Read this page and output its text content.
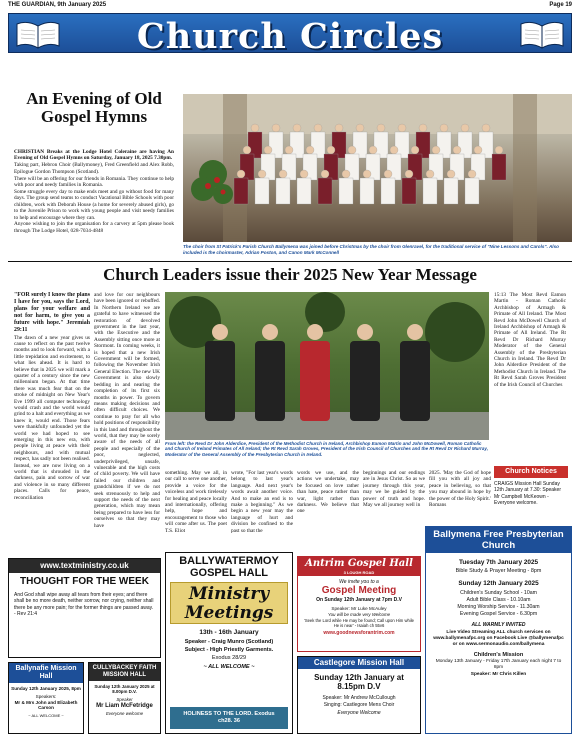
THE GUARDIAN, 9th January 2025	Page 19
Church Circles
An Evening of Old Gospel Hymns

CHRISTIAN Breaks at the Lodge Hotel Coleraine are having An Evening of Old Gospel Hymns on Saturday, January 18, 2025 7.30pm.

Taking part, Hebron Choir (Ballymoney), Fred Greenfield and Alex Robb, Epilogue Gordon Thompson (Scotland).

There will be an offering for our friends in Romania. They continue to help with poor and needy families in Romania.

Some struggle every day to make ends meet and go without food for many days. The group send teams to conduct Vacational Bible Schools with poor children, work with Deborah House (a home for severely abused girls), go to the Juvenile Prison to work with young people and visit needy families to help and encourage where they can.

Anyone wishing to join the organisation for a carvery at 5pm please book through The Lodge Hotel, 028-7034-4848

The choir from St Patrick's Parish Church Ballymena was joined before Christmas by the choir from Glenravel, for the traditional service of "Nine Lessons and Carols". Also included is the choirmaster, Adrian Poston, and Canon Mark McConnell
Church Leaders issue their 2025 New Year Message

"FOR surely I know the plans I have for you, says the Lord, plans for your welfare and not for harm, to give you a future with hope." Jeremiah 29:11

The dawn of a new year gives us cause to reflect on the past twelve months and to look forward, with a little trepidation and excitement, to what lies ahead. It is hard to believe that in 2025 we will mark a quarter of a century since the new millennium began. At that time there was much fear that on the stroke of midnight on New Year's Eve 1999 all computer technology would crash and the world would grind to a halt and everything as we knew it, would end. Those fears were thankfully unfounded yet the world we had hoped to see emerging in this new era, with people living at peace with their neighbours, and with mutual respect, has sadly not been realised. Instead, we are now living on a world that is shrouded in the darkness, pain and sorrow of war and violence in so many different places. Calls for peace, reconciliation

and love for our neighbours have been ignored or rebuffed. In Northern Ireland we are grateful to have witnessed the restoration of devolved government in the last year, with the Executive and the Assembly sitting once more at Stormont. In coming weeks, it is hoped that a new Irish Government will be formed, following the November Irish General Election. The new UK Government is also slowly bedding in and nearing the completion of its first six months in power. To govern means making decisions and often difficult choices. We continue to pray for all who hold positions of responsibility in this land and throughout the world, that they may be sorely aware of the needs of all people and especially of the poor, neglected, underprivileged, unsafe, vulnerable and the high costs of child poverty. We will have failed our children and grandchildren if we do not seek strenuously to help and support the needs of the next generation, which may mean being prepared to have less for ourselves so that they may have

From left: the Revd Dr John Alderdice, President of the Methodist Church in Ireland, Archbishop Eamon Martin and John McDowell, Roman Catholic and Church of Ireland Primates of All Ireland; the Rt Revd Sarah Groves, President of the Irish Council of Churches and the Rt Revd Dr Richard Murray, Moderator of the General Assembly of the Presbyterian Church in Ireland.

something. May we all, in our call to serve one another, provide a voice for the voiceless and work tirelessly for healing and peace locally and internationally, offering help, hope and encouragement to those who will come after us. The poet T.S. Eliot

wrote, "For last year's words belong to last year's language. And next year's words await another voice. And to make an end is to make a beginning." As we begin a new year may the language of hurt and division be confined to the past so that the

words we use, and the actions we undertake, may be focused on love rather than hate, peace rather than war, light rather than darkness. We believe that one

beginnings and our endings are in Jesus Christ. So as we journey through this year, may we be guided by the power of truth and hope. May we all journey well in

2025. 'May the God of hope fill you with all joy and peace in believing, so that you may abound in hope by the power of the Holy Spirit.' Romans

15:13 The Most Revd Eamon Martin - Roman Catholic Archbishop of Armagh & Primate of All Ireland. The Most Revd John McDowell Church of Ireland Archbishop of Armagh & Primate of All Ireland. The Rt Revd Dr Richard Murray Moderator of the General Assembly of the Presbyterian Church in Ireland. The Revd Dr John Alderdice President of the Methodist Church in Ireland. The Rt Revd Sarah Groves President of the Irish Council of Churches

Church Notices
CRAIGS Mission Hall Sunday 12th January at 7.30: Speaker Mr Campbell McKeown - Everyone welcome.
BALLYWATERMOY GOSPEL HALL
Ministry Meetings
13th - 16th January
Speaker - Craig Munro (Scotland)
Subject - High Priestly Garments.
Exodus 28/29
~ ALL WELCOME ~
HOLINESS TO THE LORD. Exodus ch28. 36
Antrim Gospel Hall
3 LOUGH ROAD
We invite you to a
Gospel Meeting
On Sunday 12th January at 7pm D.V
Speaker: Mr Luke McAuley
You will be made very Welcome
'Seek the Lord while He may be found; Call upon Him while He is near' - Isaiah ch 55v6
www.goodnewsforantrim.com
Castlegore Mission Hall
Sunday 12th January at 8.15pm D.V
Speaker: Mr Andrew McCullough
Singing: Castlegore Mens Choir
Everyone Welcome
Ballymena Free Presbyterian Church
Tuesday 7th January 2025
Bible Study & Prayer Meeting - 8pm
Sunday 12th January 2025
Children's Sunday School - 10am
Adult Bible Class - 10.10am
Morning Worship Service - 11.30am
Evening Gospel Service - 6.30pm
ALL WARMLY INVITED
Live Video Streaming ALL church services on www.ballymenafpc.org on Facebook Live @ballymenafpc or on www.sermonaudio.com/ballymena
Children's Mission
Monday 13th January - Friday 17th January each night 7 to 8pm
Speaker: Mr Chris Killen
www.textministry.co.uk
THOUGHT FOR THE WEEK
And God shall wipe away all tears from their eyes; and there shall be no more death, neither sorrow, nor crying, neither shall there be any more pain; for the former things are passed away. - Rev 21:4
Ballynafie Mission Hall
Sunday 12th January 2025, 8pm
Speakers:
Mr & Mrs John and Elizabeth Carson
~ ALL WELCOME ~
CULLYBACKEY FAITH MISSION HALL
Sunday 12th January 2025 at 8.00pm D.V.
Speaker
Mr Liam McFetridge
Everyone welcome
